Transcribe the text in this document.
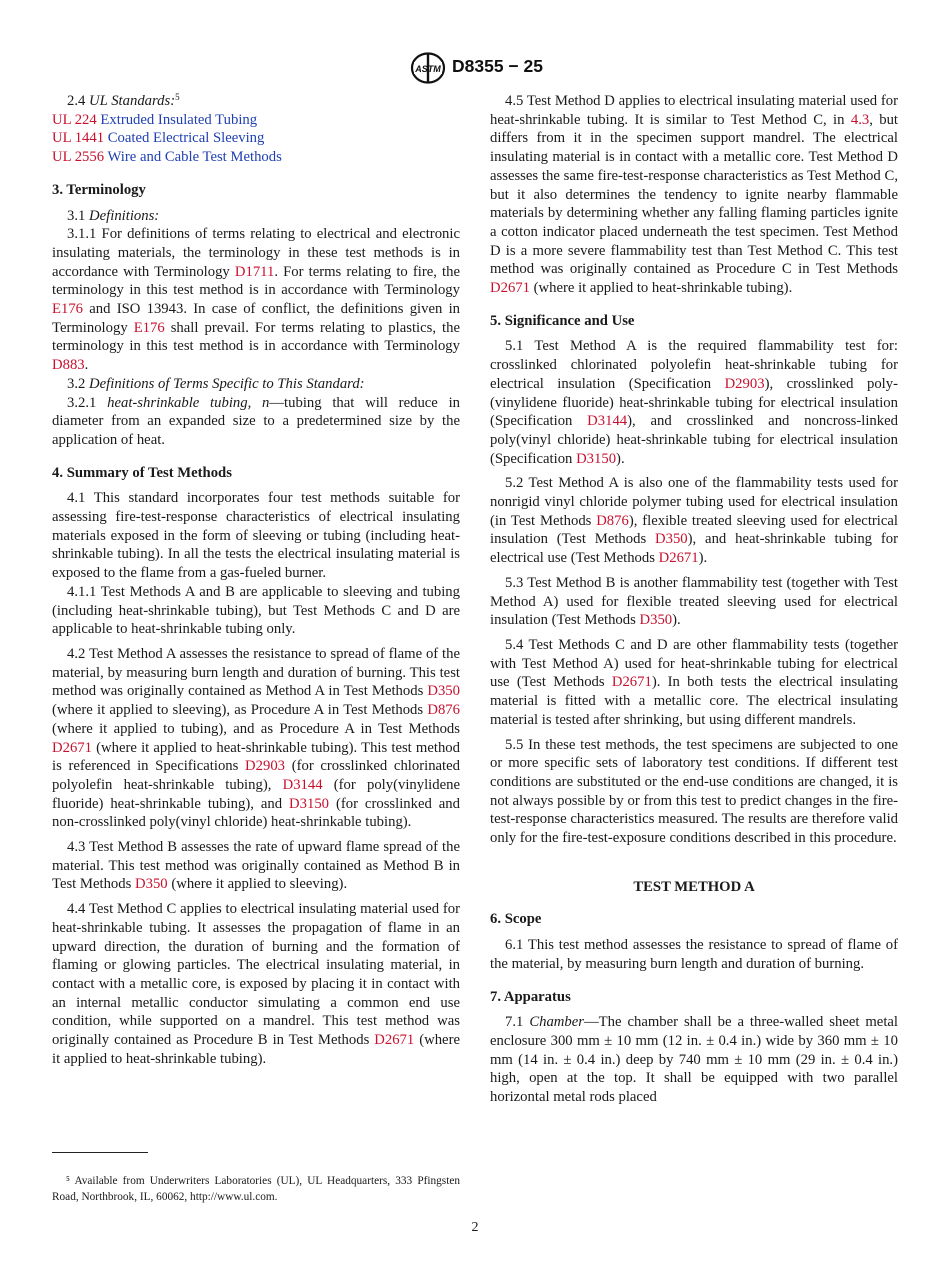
ASTM D8355 − 25

2.4 UL Standards:$^5$

UL 224 Extruded Insulated Tubing

UL 1441 Coated Electrical Sleeving

UL 2556 Wire and Cable Test Methods

3. Terminology

3.1 Definitions:

3.1.1 For definitions of terms relating to electrical and electronic insulating materials, the terminology in these test methods is in accordance with Terminology D1711. For terms relating to fire, the terminology in this test method is in accordance with Terminology E176 and ISO 13943. In case of conflict, the definitions given in Terminology E176 shall prevail. For terms relating to plastics, the terminology in this test method is in accordance with Terminology D883.

3.2 Definitions of Terms Specific to This Standard:

3.2.1 heat-shrinkable tubing, n—tubing that will reduce in diameter from an expanded size to a predetermined size by the application of heat.

4. Summary of Test Methods

4.1 This standard incorporates four test methods suitable for assessing fire-test-response characteristics of electrical insulating materials exposed in the form of sleeving or tubing (including heat-shrinkable tubing). In all the tests the electrical insulating material is exposed to the flame from a gas-fueled burner.

4.1.1 Test Methods A and B are applicable to sleeving and tubing (including heat-shrinkable tubing), but Test Methods C and D are applicable to heat-shrinkable tubing only.

4.2 Test Method A assesses the resistance to spread of flame of the material, by measuring burn length and duration of burning. This test method was originally contained as Method A in Test Methods D350 (where it applied to sleeving), as Procedure A in Test Methods D876 (where it applied to tubing), and as Procedure A in Test Methods D2671 (where it applied to heat-shrinkable tubing). This test method is referenced in Specifications D2903 (for crosslinked chlorinated polyolefin heat-shrinkable tubing), D3144 (for poly(vinylidene fluoride) heat-shrinkable tubing), and D3150 (for crosslinked and non-crosslinked poly(vinyl chloride) heat-shrinkable tubing).

4.3 Test Method B assesses the rate of upward flame spread of the material. This test method was originally contained as Method B in Test Methods D350 (where it applied to sleeving).

4.4 Test Method C applies to electrical insulating material used for heat-shrinkable tubing. It assesses the propagation of flame in an upward direction, the duration of burning and the formation of flaming or glowing particles. The electrical insulating material, in contact with a metallic core, is exposed by placing it in contact with an internal metallic conductor simulating a common end use condition, while supported on a mandrel. This test method was originally contained as Procedure B in Test Methods D2671 (where it applied to heat-shrinkable tubing).

4.5 Test Method D applies to electrical insulating material used for heat-shrinkable tubing. It is similar to Test Method C, in 4.3, but differs from it in the specimen support mandrel. The electrical insulating material is in contact with a metallic core. Test Method D assesses the same fire-test-response characteristics as Test Method C, but it also determines the tendency to ignite nearby flammable materials by determining whether any falling flaming particles ignite a cotton indicator placed underneath the test specimen. Test Method D is a more severe flammability test than Test Method C. This test method was originally contained as Procedure C in Test Methods D2671 (where it applied to heat-shrinkable tubing).

5. Significance and Use

5.1 Test Method A is the required flammability test for: crosslinked chlorinated polyolefin heat-shrinkable tubing for electrical insulation (Specification D2903), crosslinked poly-(vinylidene fluoride) heat-shrinkable tubing for electrical insulation (Specification D3144), and crosslinked and noncross-linked poly(vinyl chloride) heat-shrinkable tubing for electrical insulation (Specification D3150).

5.2 Test Method A is also one of the flammability tests used for nonrigid vinyl chloride polymer tubing used for electrical insulation (in Test Methods D876), flexible treated sleeving used for electrical insulation (Test Methods D350), and heat-shrinkable tubing for electrical use (Test Methods D2671).

5.3 Test Method B is another flammability test (together with Test Method A) used for flexible treated sleeving used for electrical insulation (Test Methods D350).

5.4 Test Methods C and D are other flammability tests (together with Test Method A) used for heat-shrinkable tubing for electrical use (Test Methods D2671). In both tests the electrical insulating material is fitted with a metallic core. The electrical insulating material is tested after shrinking, but using different mandrels.

5.5 In these test methods, the test specimens are subjected to one or more specific sets of laboratory test conditions. If different test conditions are substituted or the end-use conditions are changed, it is not always possible by or from this test to predict changes in the fire-test-response characteristics measured. The results are therefore valid only for the fire-test-exposure conditions described in this procedure.

TEST METHOD A

6. Scope

6.1 This test method assesses the resistance to spread of flame of the material, by measuring burn length and duration of burning.

7. Apparatus

7.1 Chamber—The chamber shall be a three-walled sheet metal enclosure 300 mm ± 10 mm (12 in. ± 0.4 in.) wide by 360 mm ± 10 mm (14 in. ± 0.4 in.) deep by 740 mm ± 10 mm (29 in. ± 0.4 in.) high, open at the top. It shall be equipped with two parallel horizontal metal rods placed

⁵ Available from Underwriters Laboratories (UL), UL Headquarters, 333 Pfingsten Road, Northbrook, IL, 60062, http://www.ul.com.

2
